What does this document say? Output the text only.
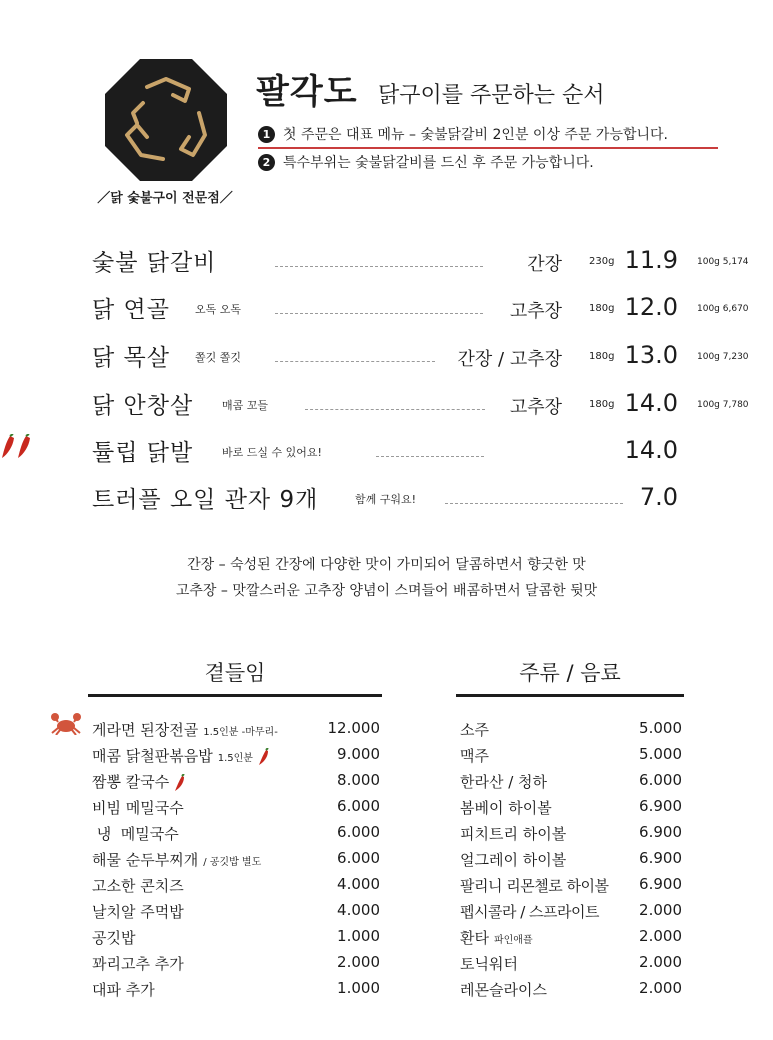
／닭 숯불구이 전문점／
팔각도 닭구이를 주문하는 순서
1 첫 주문은 대표 메뉴 – 숯불닭갈비 2인분 이상 주문 가능합니다.
2 특수부위는 숯불닭갈비를 드신 후 주문 가능합니다.
숯불 닭갈비	간장	230g 11.9 100g 5,174
닭 연골 오독 오독	고추장	180g 12.0 100g 6,670
닭 목살 쫄깃 쫄깃	간장 / 고추장	180g 13.0 100g 7,230
닭 안창살	매콤 꼬들	고추장	180g 14.0 100g 7,780
튤립 닭발	바로 드실 수 있어요!	14.0
트러플 오일 관자 9개	함께 구워요!	7.0
간장 – 숙성된 간장에 다양한 맛이 가미되어 달콤하면서 향긋한 맛
고추장 – 맛깔스러운 고추장 양념이 스며들어 배콤하면서 달콤한 뒷맛
곁들임	주류 / 음료
게라면 된장전골 1.5인분 -마무리-	12.000
매콤 닭철판볶음밥 1.5인분	9.000
짬뽕 칼국수	8.000
비빔 메밀국수	6.000
냉  메밀국수	6.000
해물 순두부찌개 / 공깃밥 별도	6.000
고소한 콘치즈	4.000
날치알 주먹밥	4.000
공깃밥	1.000
꽈리고추 추가	2.000
대파 추가	1.000
소주	5.000
맥주	5.000
한라산 / 청하	6.000
봄베이 하이볼	6.900
피치트리 하이볼	6.900
얼그레이 하이볼	6.900
팔리니 리몬첼로 하이볼 6.900
펩시콜라 / 스프라이트	2.000
환타 파인애플	2.000
토닉워터	2.000
레몬슬라이스	2.000
